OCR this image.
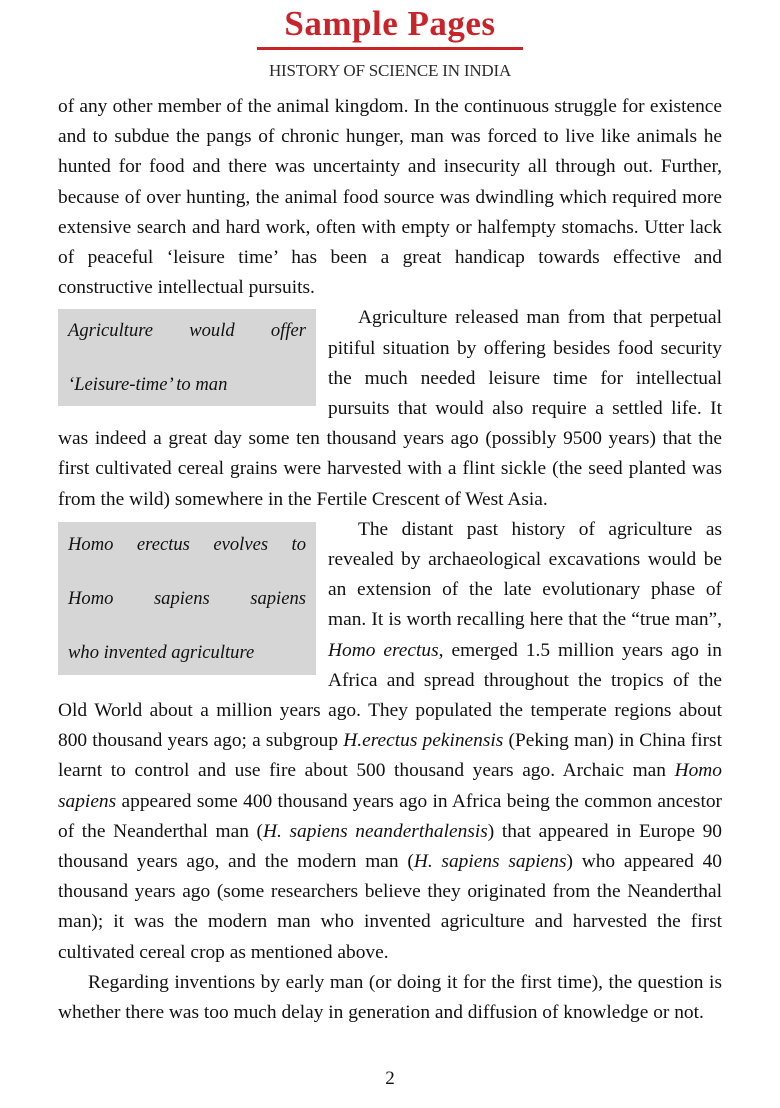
Sample Pages
HISTORY OF SCIENCE IN INDIA

of any other member of the animal kingdom. In the continuous struggle for existence and to subdue the pangs of chronic hunger, man was forced to live like animals he hunted for food and there was uncertainty and insecurity all through out. Further, because of over hunting, the animal food source was dwindling which required more extensive search and hard work, often with empty or halfempty stomachs. Utter lack of peaceful ‘leisure time’ has been a great handicap towards effective and constructive intellectual pursuits.

Agriculture would offer
‘Leisure-time’ to man

Agriculture released man from that perpetual pitiful situation by offering besides food security the much needed leisure time for intellectual pursuits that would also require a settled life. It was indeed a great day some ten thousand years ago (possibly 9500 years) that the first cultivated cereal grains were harvested with a flint sickle (the seed planted was from the wild) somewhere in the Fertile Crescent of West Asia.

Homo erectus evolves to
Homo sapiens sapiens
who invented agriculture

The distant past history of agriculture as revealed by archaeological excavations would be an extension of the late evolutionary phase of man. It is worth recalling here that the “true man”, Homo erectus, emerged 1.5 million years ago in Africa and spread throughout the tropics of the Old World about a million years ago. They populated the temperate regions about 800 thousand years ago; a subgroup H.erectus pekinensis (Peking man) in China first learnt to control and use fire about 500 thousand years ago. Archaic man Homo sapiens appeared some 400 thousand years ago in Africa being the common ancestor of the Neanderthal man (H. sapiens neanderthalensis) that appeared in Europe 90 thousand years ago, and the modern man (H. sapiens sapiens) who appeared 40 thousand years ago (some researchers believe they originated from the Neanderthal man); it was the modern man who invented agriculture and harvested the first cultivated cereal crop as mentioned above.

Regarding inventions by early man (or doing it for the first time), the question is whether there was too much delay in generation and diffusion of knowledge or not.

2
